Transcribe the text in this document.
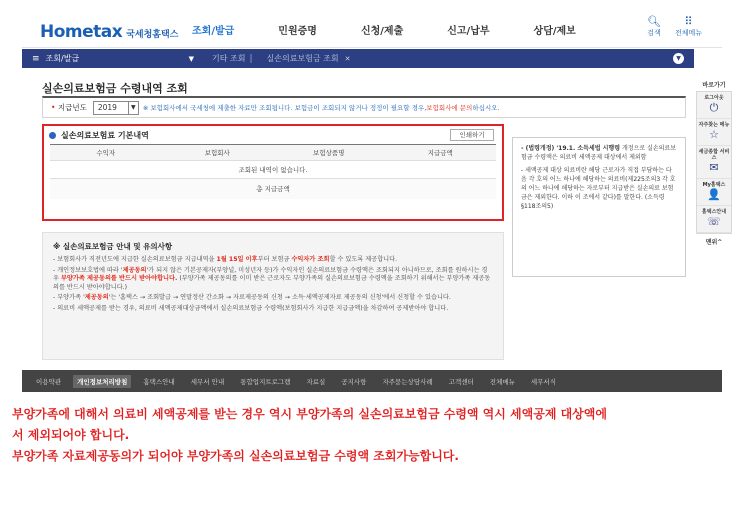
Hometax 국세청홈택스 조회/발급	민원증명	신청/제출	신고/납부	상담/제보
🔍︎
검색
⠿
전체메뉴
≡ 조회/발급	▼ 기타 조회 | 실손의료보험금 조회 ✕	▼
실손의료보험금 수령내역 조회
• 지급년도 2019	▼	※ 보험회사에서 국세청에 제출한 자료만 조회됩니다. 보험금이 조회되지 않거나 정정이 필요할 경우,보험회사에 문의하십시오.
실손의료보험료 기본내역	인쇄하기
수익자	보험회사	보험상품명	지급금액
조회된 내역이 없습니다.
총 지급금액

- (법령개정) '19.1. 소득세법 시행령 개정으로 실손의료보험금 수령액은 의료비 세액공제 대상에서 제외함

- 세액공제 대상 의료비란 해당 근로자가 직접 부담하는 다음 각 호의 어느 하나에 해당하는 의료비(제225조의3 각 호의 어느 하나에 해당하는 자로부터 지급받은 실손의료 보험금은 제외한다. 이하 이 조에서 같다)를 말한다. (소득령 §118조의5)

※ 실손의료보험금 안내 및 유의사항

- 보험회사가 직전년도에 지급한 실손의료보험금 지급내역을 1월 15일 이후부터 보험금 수익자가 조회할 수 있도록 제공합니다.

- 개인정보보호법에 따라 '제공동의'가 되지 않은 기본공제자(부양널, 미성년자 등)가 수익자인 실손의료보험금 수령액은 조회되지 아니하므로, 조회를 원하시는 경우 부양가족 제공동의를 반드시 받아야합니다. (부양가족 제공동의를 이미 받은 근로자도 부양가족의 실손의료보험금 수령액을 조회하기 위해서는 부양가족 제공동의를 반드시 받아야합니다.)

- 부양가족 '제공동의'는 '홈택스 → 조회발급 → 연말정산 간소화 → 자료제공동의 신청 → 소득·세액공제자료 제공동의 신청'에서 신청할 수 있습니다.

- 의료비 세액공제를 받는 경우, 의료비 세액공제대상금액에서 실손의료보험금 수령액(보험회사가 지급한 지급금액)을 차감하여 공제받아야 합니다.

바로가기
로그아웃
⏻
자주찾는 메뉴
☆
세금종합 서비스
✉
My홈택스
👤
홈택스안내
☏
맨위^
이용약관	개인정보처리방침	홈택스안내	세무서 안내	통합업지트로그램	자료실	공지사항	자주묻는상담사례	고객센터	전체메뉴	세무서식

부양가족에 대해서 의료비 세액공제를 받는 경우 역시 부양가족의 실손의료보험금 수령액 역시 세액공제 대상액에

서 제외되어야 합니다.

부양가족 자료제공동의가 되어야 부양가족의 실손의료보험금 수령액 조회가능합니다.
